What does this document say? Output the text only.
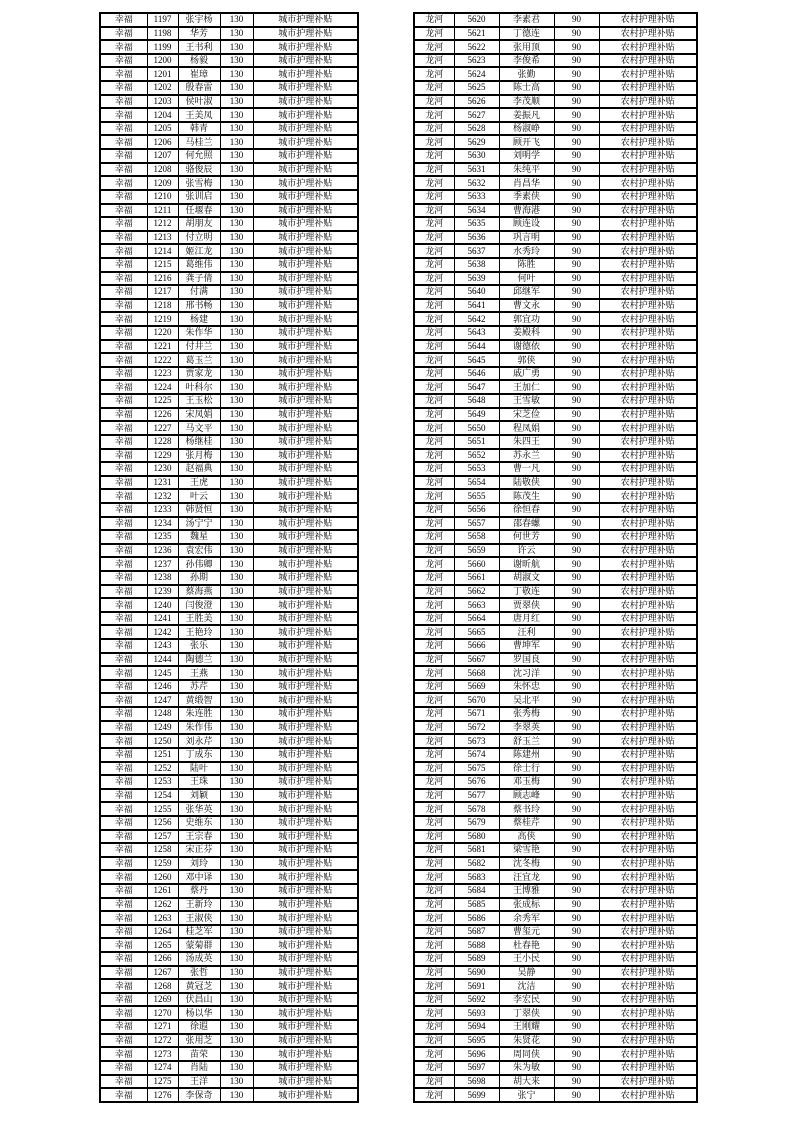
幸福	1197	张宇杨	130	城市护理补贴
幸福	1198	华芳	130	城市护理补贴
幸福	1199	王书利	130	城市护理补贴
幸福	1200	杨毅	130	城市护理补贴
幸福	1201	崔璋	130	城市护理补贴
幸福	1202	殷春雷	130	城市护理补贴
幸福	1203	侯叶淑	130	城市护理补贴
幸福	1204	王美凤	130	城市护理补贴
幸福	1205	韩青	130	城市护理补贴
幸福	1206	马桂兰	130	城市护理补贴
幸福	1207	何允照	130	城市护理补贴
幸福	1208	骆俊辰	130	城市护理补贴
幸福	1209	张雪梅	130	城市护理补贴
幸福	1210	张训启	130	城市护理补贴
幸福	1211	任堰春	130	城市护理补贴
幸福	1212	胡朋友	130	城市护理补贴
幸福	1213	付立明	130	城市护理补贴
幸福	1214	姬江龙	130	城市护理补贴
幸福	1215	葛维伟	130	城市护理补贴
幸福	1216	龚子倩	130	城市护理补贴
幸福	1217	付满	130	城市护理补贴
幸福	1218	邢书畅	130	城市护理补贴
幸福	1219	杨建	130	城市护理补贴
幸福	1220	朱作华	130	城市护理补贴
幸福	1221	付井兰	130	城市护理补贴
幸福	1222	葛玉兰	130	城市护理补贴
幸福	1223	贾家龙	130	城市护理补贴
幸福	1224	叶科尔	130	城市护理补贴
幸福	1225	王玉松	130	城市护理补贴
幸福	1226	宋凤娟	130	城市护理补贴
幸福	1227	马文平	130	城市护理补贴
幸福	1228	杨继桂	130	城市护理补贴
幸福	1229	张月梅	130	城市护理补贴
幸福	1230	赵福典	130	城市护理补贴
幸福	1231	王虎	130	城市护理补贴
幸福	1232	叶云	130	城市护理补贴
幸福	1233	韩贤恒	130	城市护理补贴
幸福	1234	汤宁宁	130	城市护理补贴
幸福	1235	魏星	130	城市护理补贴
幸福	1236	袁宏伟	130	城市护理补贴
幸福	1237	孙伟卿	130	城市护理补贴
幸福	1238	孙期	130	城市护理补贴
幸福	1239	蔡海燕	130	城市护理补贴
幸福	1240	闫俊澄	130	城市护理补贴
幸福	1241	王胜美	130	城市护理补贴
幸福	1242	王艳玲	130	城市护理补贴
幸福	1243	张乐	130	城市护理补贴
幸福	1244	陶德兰	130	城市护理补贴
幸福	1245	王燕	130	城市护理补贴
幸福	1246	苏芹	130	城市护理补贴
幸福	1247	黄缎智	130	城市护理补贴
幸福	1248	朱连胜	130	城市护理补贴
幸福	1249	朱作伟	130	城市护理补贴
幸福	1250	刘永芹	130	城市护理补贴
幸福	1251	丁成东	130	城市护理补贴
幸福	1252	陆叶	130	城市护理补贴
幸福	1253	王珠	130	城市护理补贴
幸福	1254	刘颖	130	城市护理补贴
幸福	1255	张华英	130	城市护理补贴
幸福	1256	史维东	130	城市护理补贴
幸福	1257	王宗春	130	城市护理补贴
幸福	1258	宋正芬	130	城市护理补贴
幸福	1259	刘玲	130	城市护理补贴
幸福	1260	邓中译	130	城市护理补贴
幸福	1261	蔡丹	130	城市护理补贴
幸福	1262	王新玲	130	城市护理补贴
幸福	1263	王淑侠	130	城市护理补贴
幸福	1264	桂芝军	130	城市护理补贴
幸福	1265	蒙菊群	130	城市护理补贴
幸福	1266	汤成英	130	城市护理补贴
幸福	1267	张哲	130	城市护理补贴
幸福	1268	黄冠芝	130	城市护理补贴
幸福	1269	伏昌山	130	城市护理补贴
幸福	1270	杨以华	130	城市护理补贴
幸福	1271	徐遐	130	城市护理补贴
幸福	1272	张用芝	130	城市护理补贴
幸福	1273	苗荣	130	城市护理补贴
幸福	1274	肖陆	130	城市护理补贴
幸福	1275	王洋	130	城市护理补贴
幸福	1276	李保奇	130	城市护理补贴
龙河	5620	李素君	90	农村护理补贴
龙河	5621	丁德连	90	农村护理补贴
龙河	5622	张用顶	90	农村护理补贴
龙河	5623	李俊希	90	农村护理补贴
龙河	5624	张勤	90	农村护理补贴
龙河	5625	陈士高	90	农村护理补贴
龙河	5626	李茂顺	90	农村护理补贴
龙河	5627	姜振凡	90	农村护理补贴
龙河	5628	杨淑峥	90	农村护理补贴
龙河	5629	顾开飞	90	农村护理补贴
龙河	5630	刘明学	90	农村护理补贴
龙河	5631	朱纯平	90	农村护理补贴
龙河	5632	肖昌华	90	农村护理补贴
龙河	5633	季素侠	90	农村护理补贴
龙河	5634	曹海港	90	农村护理补贴
龙河	5635	顾连设	90	农村护理补贴
龙河	5636	巩言明	90	农村护理补贴
龙河	5637	水秀玲	90	农村护理补贴
龙河	5638	陈胜	90	农村护理补贴
龙河	5639	何叶	90	农村护理补贴
龙河	5640	邱继军	90	农村护理补贴
龙河	5641	曹文永	90	农村护理补贴
龙河	5642	郭宜功	90	农村护理补贴
龙河	5643	姜殿科	90	农村护理补贴
龙河	5644	谢德依	90	农村护理补贴
龙河	5645	郭侠	90	农村护理补贴
龙河	5646	戚广勇	90	农村护理补贴
龙河	5647	王加仁	90	农村护理补贴
龙河	5648	王雪敏	90	农村护理补贴
龙河	5649	宋芝俭	90	农村护理补贴
龙河	5650	程凤娟	90	农村护理补贴
龙河	5651	朱四王	90	农村护理补贴
龙河	5652	苏永兰	90	农村护理补贴
龙河	5653	曹一凡	90	农村护理补贴
龙河	5654	陆敬侠	90	农村护理补贴
龙河	5655	陈茂生	90	农村护理补贴
龙河	5656	徐恒春	90	农村护理补贴
龙河	5657	邵春螺	90	农村护理补贴
龙河	5658	何世芳	90	农村护理补贴
龙河	5659	许云	90	农村护理补贴
龙河	5660	谢昕航	90	农村护理补贴
龙河	5661	胡淑文	90	农村护理补贴
龙河	5662	丁敬连	90	农村护理补贴
龙河	5663	贾翠侠	90	农村护理补贴
龙河	5664	唐月红	90	农村护理补贴
龙河	5665	汪利	90	农村护理补贴
龙河	5666	曹坤军	90	农村护理补贴
龙河	5667	罗国良	90	农村护理补贴
龙河	5668	沈习洋	90	农村护理补贴
龙河	5669	朱怀忠	90	农村护理补贴
龙河	5670	吴北平	90	农村护理补贴
龙河	5671	张秀梅	90	农村护理补贴
龙河	5672	李翠英	90	农村护理补贴
龙河	5673	舒玉兰	90	农村护理补贴
龙河	5674	陈建州	90	农村护理补贴
龙河	5675	徐士行	90	农村护理补贴
龙河	5676	邓玉梅	90	农村护理补贴
龙河	5677	顾志峰	90	农村护理补贴
龙河	5678	蔡书玲	90	农村护理补贴
龙河	5679	蔡桂芹	90	农村护理补贴
龙河	5680	高侠	90	农村护理补贴
龙河	5681	梁雪艳	90	农村护理补贴
龙河	5682	沈冬梅	90	农村护理补贴
龙河	5683	汪宜龙	90	农村护理补贴
龙河	5684	王博雅	90	农村护理补贴
龙河	5685	张成标	90	农村护理补贴
龙河	5686	余秀军	90	农村护理补贴
龙河	5687	曹玺元	90	农村护理补贴
龙河	5688	杜春艳	90	农村护理补贴
龙河	5689	王小民	90	农村护理补贴
龙河	5690	吴静	90	农村护理补贴
龙河	5691	沈洁	90	农村护理补贴
龙河	5692	李宏民	90	农村护理补贴
龙河	5693	丁翠侠	90	农村护理补贴
龙河	5694	王刚耀	90	农村护理补贴
龙河	5695	朱贤花	90	农村护理补贴
龙河	5696	周同侠	90	农村护理补贴
龙河	5697	朱为敏	90	农村护理补贴
龙河	5698	胡大来	90	农村护理补贴
龙河	5699	张宁	90	农村护理补贴
